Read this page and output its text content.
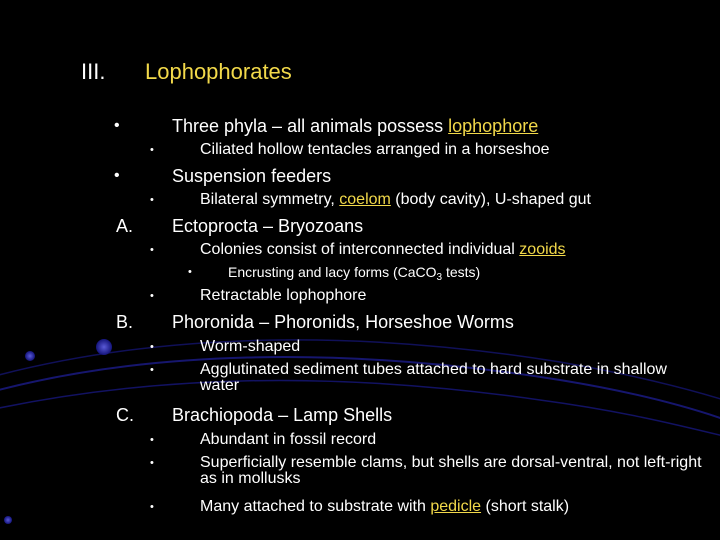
III. Lophophorates
•	Three phyla – all animals possess lophophore
•	Ciliated hollow tentacles arranged in a horseshoe
•	Suspension feeders
•	Bilateral symmetry, coelom (body cavity), U-shaped gut
A. Ectoprocta – Bryozoans
•	Colonies consist of interconnected individual zooids
•	Encrusting and lacy forms (CaCO$_3$ tests)
•	Retractable lophophore
B. Phoronida – Phoronids, Horseshoe Worms
•	Worm-shaped
•	Agglutinated sediment tubes attached to hard substrate in shallow water
C. Brachiopoda – Lamp Shells
•	Abundant in fossil record
•	Superficially resemble clams, but shells are dorsal-ventral, not left-right as in mollusks
•	Many attached to substrate with pedicle (short stalk)
